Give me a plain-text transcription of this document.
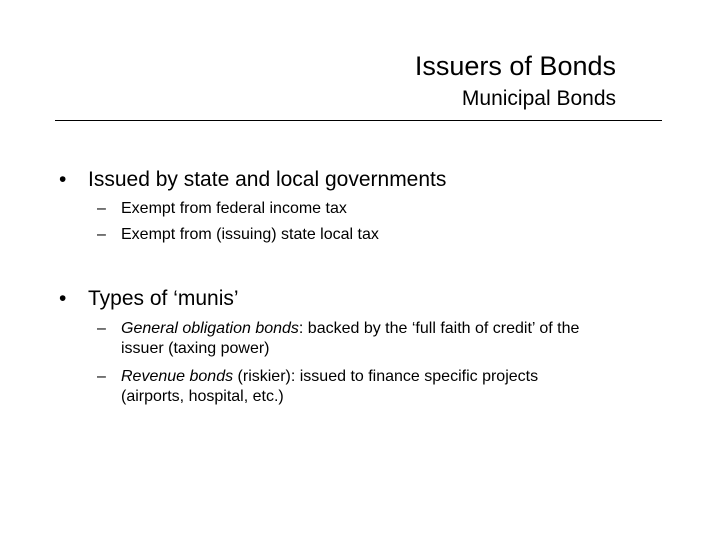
Issuers of Bonds
Municipal Bonds
• Issued by state and local governments
– Exempt from federal income tax
– Exempt from (issuing) state local tax
• Types of ‘munis’
– General obligation bonds: backed by the ‘full faith of credit’ of the
issuer (taxing power)
– Revenue bonds (riskier): issued to finance specific projects
(airports, hospital, etc.)
